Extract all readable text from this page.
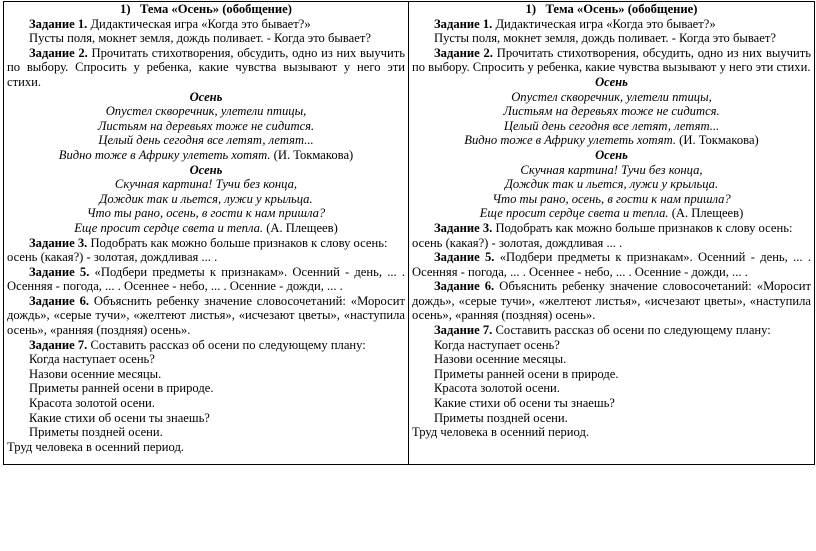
1)   Тема «Осень» (обобщение)
Задание 1. Дидактическая игра «Когда это бывает?»
Пусты поля, мокнет земля, дождь поливает. - Когда это бывает?
Задание 2. Прочитать стихотворения, обсудить, одно из них выучить
по выбору. Спросить у ребенка, какие чувства вызывают у него эти
стихи.
Осень
Опустел скворечник, улетели птицы,
Листьям на деревьях тоже не сидится.
Целый день сегодня все летят, летят...
Видно тоже в Африку улететь хотят. (И. Токмакова)
Осень
Скучная картина! Тучи без конца,
Дождик так и льется, лужи у крыльца.
Что ты рано, осень, в гости к нам пришла?
Еще просит сердце света и тепла. (А. Плещеев)
Задание 3. Подобрать как можно больше признаков к слову осень:
осень (какая?) - золотая, дождливая ... .
Задание 5. «Подбери предметы к признакам». Осенний - день, ... .
Осенняя - погода, ... . Осеннее - небо, ... . Осенние - дожди, ... .
Задание 6. Объяснить ребенку значение словосочетаний: «Моросит
дождь», «серые тучи», «желтеют листья», «исчезают цветы», «наступила
осень», «ранняя (поздняя) осень».
Задание 7. Составить рассказ об осени по следующему плану:
Когда наступает осень?
Назови осенние месяцы.
Приметы ранней осени в природе.
Красота золотой осени.
Какие стихи об осени ты знаешь?
Приметы поздней осени.
Труд человека в осенний период.
1)   Тема «Осень» (обобщение)
Задание 1. Дидактическая игра «Когда это бывает?»
Пусты поля, мокнет земля, дождь поливает. - Когда это бывает?
Задание 2. Прочитать стихотворения, обсудить, одно из них выучить
по выбору. Спросить у ребенка, какие чувства вызывают у него эти стихи.
Осень
Опустел скворечник, улетели птицы,
Листьям на деревьях тоже не сидится.
Целый день сегодня все летят, летят...
Видно тоже в Африку улететь хотят. (И. Токмакова)
Осень
Скучная картина! Тучи без конца,
Дождик так и льется, лужи у крыльца.
Что ты рано, осень, в гости к нам пришла?
Еще просит сердце света и тепла. (А. Плещеев)
Задание 3. Подобрать как можно больше признаков к слову осень:
осень (какая?) - золотая, дождливая ... .
Задание 5. «Подбери предметы к признакам». Осенний - день, ... .
Осенняя - погода, ... . Осеннее - небо, ... . Осенние - дожди, ... .
Задание 6. Объяснить ребенку значение словосочетаний: «Моросит
дождь», «серые тучи», «желтеют листья», «исчезают цветы», «наступила
осень», «ранняя (поздняя) осень».
Задание 7. Составить рассказ об осени по следующему плану:
Когда наступает осень?
Назови осенние месяцы.
Приметы ранней осени в природе.
Красота золотой осени.
Какие стихи об осени ты знаешь?
Приметы поздней осени.
Труд человека в осенний период.
